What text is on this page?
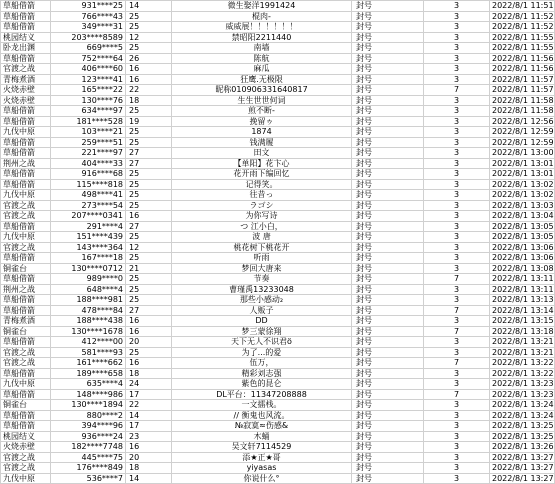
草船借箭	931****25	14	微生娶洋1991424	封号	3	2022/8/1 11:51
草船借箭	766****43	25	棍肉-	封号	3	2022/8/1 11:52
草船借箭	349****31	25	威威展！！！！！！	封号	3	2022/8/1 11:52
桃园结义	203****8589	12	禁昭阳2211440	封号	3	2022/8/1 11:55
卧龙出渊	669****5	25	南墙	封号	3	2022/8/1 11:55
草船借箭	752****64	26	陈航	封号	3	2022/8/1 11:56
官渡之战	406****60	16	麻瓜	封号	3	2022/8/1 11:56
青梅煮酒	123****41	16	狂鹰.无极限	封号	3	2022/8/1 11:57
火烧赤壁	165****22	22	昵称010906331640817	封号	7	2022/8/1 11:57
火烧赤壁	130****76	18	生生世世何词	封号	3	2022/8/1 11:58
草船借箭	634****97	25	煎不断-	封号	3	2022/8/1 11:58
草船借箭	181****528	19	挽留ゥ	封号	3	2022/8/1 12:56
九伐中原	103****21	25	1874	封号	3	2022/8/1 12:59
草船借箭	259****51	25	钱满履	封号	3	2022/8/1 12:59
草船借箭	221****97	27	田文	封号	3	2022/8/1 13:00
荆州之战	404****33	27	【单阳】花卞心	封号	3	2022/8/1 13:01
草船借箭	916****68	25	花开雨下编回忆	封号	3	2022/8/1 13:01
草船借箭	115****818	25	记得笑。	封号	3	2022/8/1 13:02
九伐中原	498****41	25	往昔っ	封号	3	2022/8/1 13:02
官渡之战	273****54	25	ラゴシ	封号	3	2022/8/1 13:03
官渡之战	207****0341	16	为你写诗	封号	3	2022/8/1 13:04
草船借箭	291****4	27	つ 江小白，	封号	3	2022/8/1 13:05
九伐中原	151****439	25	波 唐	封号	3	2022/8/1 13:05
官渡之战	143****364	12	桃花树下桃花开	封号	3	2022/8/1 13:06
草船借箭	167****18	25	听雨	封号	3	2022/8/1 13:06
铜雀台	130****0712	21	梦回大唐来	封号	3	2022/8/1 13:08
草船借箭	989****0	25	节奏	封号	7	2022/8/1 13:11
荆州之战	648****4	25	曹瑾禹13233048	封号	3	2022/8/1 13:11
草船借箭	188****981	25	那些小感动₂	封号	3	2022/8/1 13:13
草船借箭	478****84	27	人贩子	封号	7	2022/8/1 13:14
青梅煮酒	188****438	16	DD	封号	3	2022/8/1 13:15
铜雀台	130****1678	16	梦三蒙徐翔	封号	7	2022/8/1 13:18
草船借箭	412****00	20	天下无人不识君ö	封号	3	2022/8/1 13:21
官渡之战	581****93	25	为了...的爱	封号	3	2022/8/1 13:21
官渡之战	161****662	16	伍万，	封号	7	2022/8/1 13:22
草船借箭	189****658	18	精彩刘志强	封号	3	2022/8/1 13:22
九伐中原	635****4	24	紫色的昆仑	封号	3	2022/8/1 13:23
草船借箭	148****986	17	DL平台：11347208888	封号	7	2022/8/1 13:23
铜雀台	130****1894	22	一文擂栈。	封号	3	2022/8/1 13:24
草船借箭	880****2	14	// 衡鬼也风流。	封号	3	2022/8/1 13:24
草船借箭	394****96	17	№寂寞≈伤感&	封号	3	2022/8/1 13:25
桃园结义	936****24	23	木蛹	封号	3	2022/8/1 13:25
火烧赤壁	182****7748	16	吴文轩7114529	封号	3	2022/8/1 13:26
官渡之战	445****75	20	添★正★哥	封号	3	2022/8/1 13:27
官渡之战	176****849	18	yiyasas	封号	3	2022/8/1 13:27
九伐中原	536****7	14	你说什么°	封号	3	2022/8/1 13:27
